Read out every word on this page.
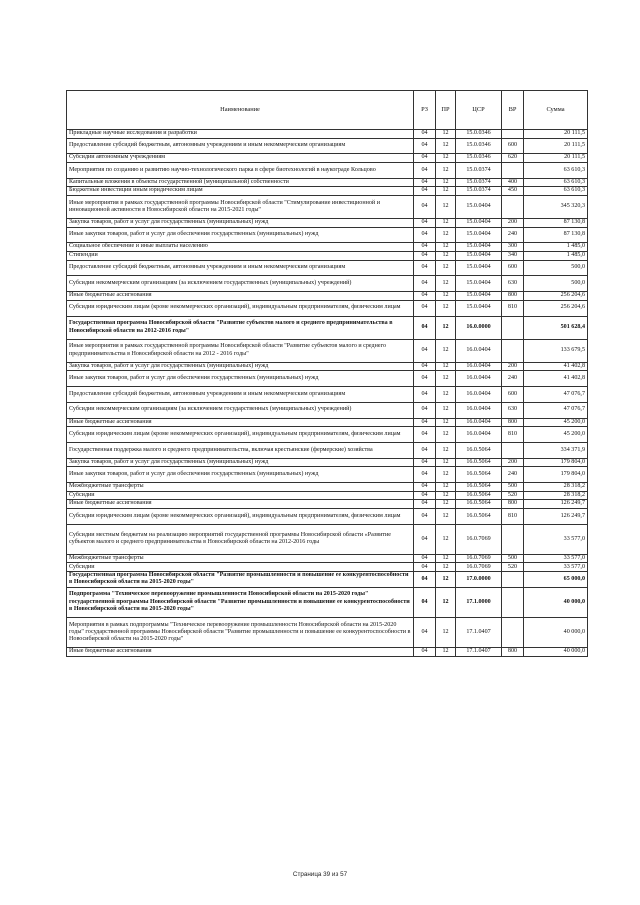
Наименование	РЗ	ПР	ЦСР	ВР	Сумма
Прикладные научные исследования и разработки	04	12	15.0.0346		20 111,5
Предоставление субсидий бюджетным, автономным учреждениям и иным некоммерческим организациям	04	12	15.0.0346	600	20 111,5
Субсидии автономным учреждениям	04	12	15.0.0346	620	20 111,5
Мероприятия по созданию и развитию научно-технологического парка в сфере биотехнологий в наукограде Кольцово	04	12	15.0.0374		63 610,3
Капитальные вложения в объекты государственной (муниципальной) собственности	04	12	15.0.0374	400	63 610,3
Бюджетные инвестиции иным юридическим лицам	04	12	15.0.0374	450	63 610,3
Иные мероприятия в рамках государственной программы Новосибирской области "Стимулирование инвестиционной и инновационной активности в Новосибирской области на 2015-2021 годы"	04	12	15.0.0404		345 320,3
Закупка товаров, работ и услуг для государственных (муниципальных) нужд	04	12	15.0.0404	200	87 130,8
Иные закупки товаров, работ и услуг для обеспечения государственных (муниципальных) нужд	04	12	15.0.0404	240	87 130,8
Социальное обеспечение и иные выплаты населению	04	12	15.0.0404	300	1 485,0
Стипендии	04	12	15.0.0404	340	1 485,0
Предоставление субсидий бюджетным, автономным учреждениям и иным некоммерческим организациям	04	12	15.0.0404	600	500,0
Субсидии некоммерческим организациям (за исключением государственных (муниципальных) учреждений)	04	12	15.0.0404	630	500,0
Иные бюджетные ассигнования	04	12	15.0.0404	800	256 204,6
Субсидии юридическим лицам (кроме некоммерческих организаций), индивидуальным предпринимателям, физическим лицам	04	12	15.0.0404	810	256 204,6
Государственная программа Новосибирской области "Развитие субъектов малого и среднего предпринимательства в Новосибирской области на 2012-2016 годы"	04	12	16.0.0000		501 628,4
Иные мероприятия в рамках государственной программы Новосибирской области "Развитие субъектов малого и среднего предпринимательства в Новосибирской области на 2012 - 2016 годы"	04	12	16.0.0404		133 679,5
Закупка товаров, работ и услуг для государственных (муниципальных) нужд	04	12	16.0.0404	200	41 402,8
Иные закупки товаров, работ и услуг для обеспечения государственных (муниципальных) нужд	04	12	16.0.0404	240	41 402,8
Предоставление субсидий бюджетным, автономным учреждениям и иным некоммерческим организациям	04	12	16.0.0404	600	47 076,7
Субсидии некоммерческим организациям (за исключением государственных (муниципальных) учреждений)	04	12	16.0.0404	630	47 076,7
Иные бюджетные ассигнования	04	12	16.0.0404	800	45 200,0
Субсидии юридическим лицам (кроме некоммерческих организаций), индивидуальным предпринимателям, физическим лицам	04	12	16.0.0404	810	45 200,0
Государственная поддержка малого и среднего предпринимательства, включая крестьянские (фермерские) хозяйства	04	12	16.0.5064		334 371,9
Закупка товаров, работ и услуг для государственных (муниципальных) нужд	04	12	16.0.5064	200	179 804,0
Иные закупки товаров, работ и услуг для обеспечения государственных (муниципальных) нужд	04	12	16.0.5064	240	179 804,0
Межбюджетные трансферты	04	12	16.0.5064	500	28 318,2
Субсидии	04	12	16.0.5064	520	28 318,2
Иные бюджетные ассигнования	04	12	16.0.5064	800	126 249,7
Субсидии юридическим лицам (кроме некоммерческих организаций), индивидуальным предпринимателям, физическим лицам	04	12	16.0.5064	810	126 249,7
Субсидии местным бюджетам на реализацию мероприятий государственной программы Новосибирской области «Развитие субъектов малого и среднего предпринимательства в Новосибирской области на 2012-2016 годы	04	12	16.0.7069		33 577,0
Межбюджетные трансферты	04	12	16.0.7069	500	33 577,0
Субсидии	04	12	16.0.7069	520	33 577,0
Государственная программа Новосибирской области "Развитие промышленности и повышение ее конкурентоспособности в Новосибирской области на 2015-2020 годы"	04	12	17.0.0000		65 000,0
Подпрограмма "Техническое перевооружение промышленности Новосибирской области на 2015-2020 годы" государственной программы Новосибирской области "Развитие промышленности и повышение ее конкурентоспособности в Новосибирской области на 2015-2020 годы"	04	12	17.1.0000		40 000,0
Мероприятия в рамках подпрограммы "Техническое перевооружение промышленности Новосибирской области на 2015-2020 годы" государственной программы Новосибирской области "Развитие промышленности и повышение ее конкурентоспособности в Новосибирской области на 2015-2020 годы"	04	12	17.1.0407		40 000,0
Иные бюджетные ассигнования	04	12	17.1.0407	800	40 000,0
Страница 39 из 57
